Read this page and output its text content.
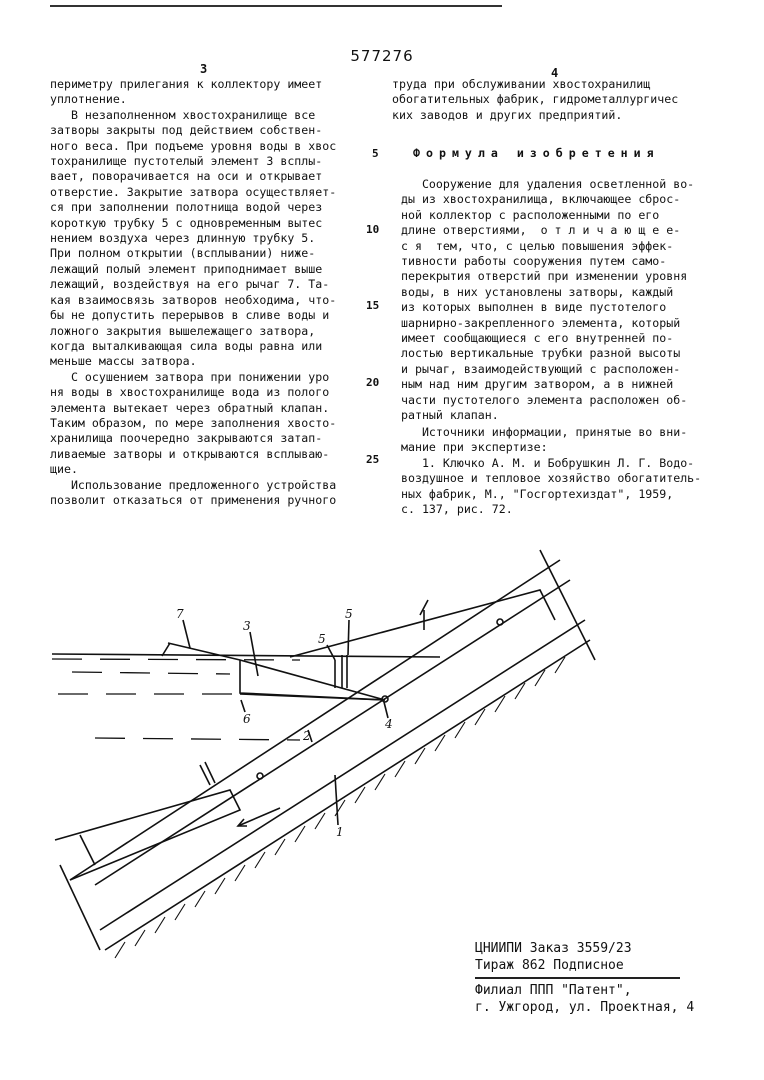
577276
3	4
периметру прилегания к коллектору имеет
уплотнение.
В незаполненном хвостохранилище все
затворы закрыты под действием собствен-
ного веса. При подъеме уровня воды в хвос
тохранилище пустотелый элемент 3 всплы-
вает, поворачивается на оси и открывает
отверстие. Закрытие затвора осуществляет-
ся при заполнении полотнища водой через
короткую трубку 5 с одновременным вытес
нением воздуха через длинную трубку 5.
При полном открытии (всплывании) ниже-
лежащий полый элемент приподнимает выше
лежащий, воздействуя на его рычаг 7. Та-
кая взаимосвязь затворов необходима, что-
бы не допустить перерывов в сливе воды и
ложного закрытия вышележащего затвора,
когда выталкивающая сила воды равна или
меньше массы затвора.
С осушением затвора при понижении уро
ня воды в хвостохранилище вода из полого
элемента вытекает через обратный клапан.
Таким образом, по мере заполнения хвосто-
хранилища поочередно закрываются затап-
ливаемые затворы и открываются всплываю-
щие.
Использование предложенного устройства
позволит отказаться от применения ручного
5
10
15
20
25
труда при обслуживании хвостохранилищ
обогатительных фабрик, гидрометаллургичес
ких заводов и других предприятий.
Формула изобретения
Сооружение для удаления осветленной во-
ды из хвостохранилища, включающее сброс-
ной коллектор с расположенными по его
длине отверстиями,  о т л и ч а ю щ е е-
с я  тем, что, с целью повышения эффек-
тивности работы сооружения путем само-
перекрытия отверстий при изменении уровня
воды, в них установлены затворы, каждый
из которых выполнен в виде пустотелого
шарнирно-закрепленного элемента, который
имеет сообщающиеся с его внутренней по-
лостью вертикальные трубки разной высоты
и рычаг, взаимодействующий с расположен-
ным над ним другим затвором, а в нижней
части пустотелого элемента расположен об-
ратный клапан.
Источники информации, принятые во вни-
мание при экспертизе:
1. Ключко А. М. и Бобрушкин Л. Г. Водо-
воздушное и тепловое хозяйство обогатитель-
ных фабрик, М., "Госгортехиздат", 1959,
с. 137, рис. 72.
7
3
5
5
6	4
2
1
ЦНИИПИ Заказ 3559/23
Тираж 862 Подписное
Филиал ППП "Патент",
г. Ужгород, ул. Проектная, 4
